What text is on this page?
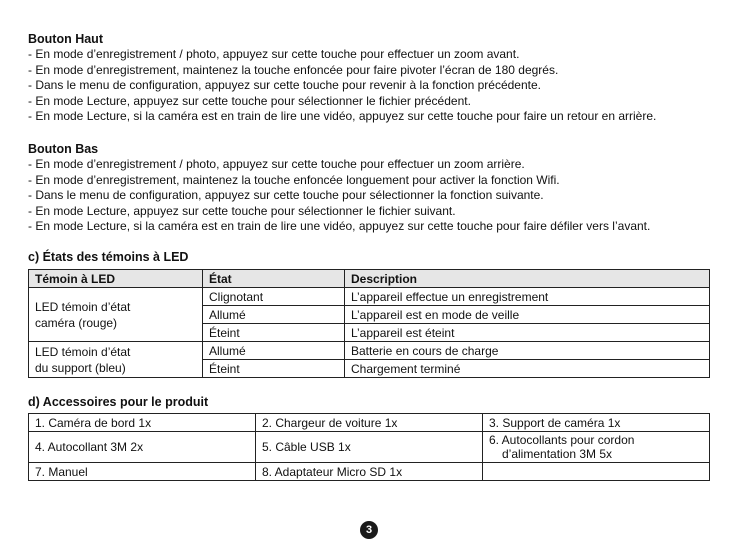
Bouton Haut

- En mode d’enregistrement / photo, appuyez sur cette touche pour effectuer un zoom avant.

- En mode d’enregistrement, maintenez la touche enfoncée pour faire pivoter l’écran de 180 degrés.

- Dans le menu de configuration, appuyez sur cette touche pour revenir à la fonction précédente.

- En mode Lecture, appuyez sur cette touche pour sélectionner le fichier précédent.

- En mode Lecture, si la caméra est en train de lire une vidéo, appuyez sur cette touche pour faire un retour en arrière.

Bouton Bas

- En mode d’enregistrement / photo, appuyez sur cette touche pour effectuer un zoom arrière.

- En mode d’enregistrement, maintenez la touche enfoncée longuement pour activer la fonction Wifi.

- Dans le menu de configuration, appuyez sur cette touche pour sélectionner la fonction suivante.

- En mode Lecture, appuyez sur cette touche pour sélectionner le fichier suivant.

- En mode Lecture, si la caméra est en train de lire une vidéo, appuyez sur cette touche pour faire défiler vers l’avant.

c) États des témoins à LED

Témoin à LED	État	Description
LED témoin d’état
caméra (rouge)	Clignotant	L’appareil effectue un enregistrement
	Allumé	L’appareil est en mode de veille
	Éteint	L’appareil est éteint
LED témoin d’état
du support (bleu)	Allumé	Batterie en cours de charge
	Éteint	Chargement terminé

d) Accessoires pour le produit

1. Caméra de bord 1x	2. Chargeur de voiture 1x	3. Support de caméra 1x
4. Autocollant 3M 2x	5. Câble USB 1x	6. Autocollants pour cordon
d’alimentation 3M 5x
7. Manuel	8. Adaptateur Micro SD 1x	
3
